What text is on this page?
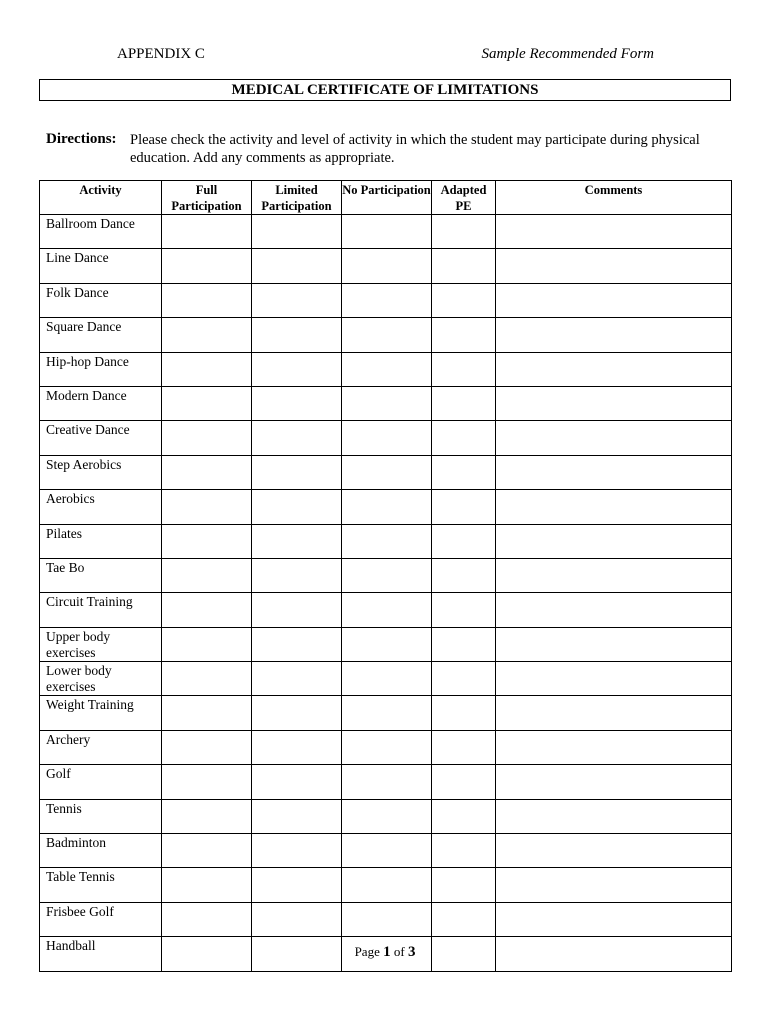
APPENDIX C	Sample Recommended Form
MEDICAL CERTIFICATE OF LIMITATIONS
Directions: Please check the activity and level of activity in which the student may participate during physical education. Add any comments as appropriate.
Activity	Full Participation	Limited Participation	No Participation	Adapted PE	Comments
Ballroom Dance					
Line Dance					
Folk Dance					
Square Dance					
Hip-hop Dance					
Modern Dance					
Creative Dance					
Step Aerobics					
Aerobics					
Pilates					
Tae Bo					
Circuit Training					
Upper body exercises					
Lower body exercises					
Weight Training					
Archery					
Golf					
Tennis					
Badminton					
Table Tennis					
Frisbee Golf					
Handball						Page 1 of 3
